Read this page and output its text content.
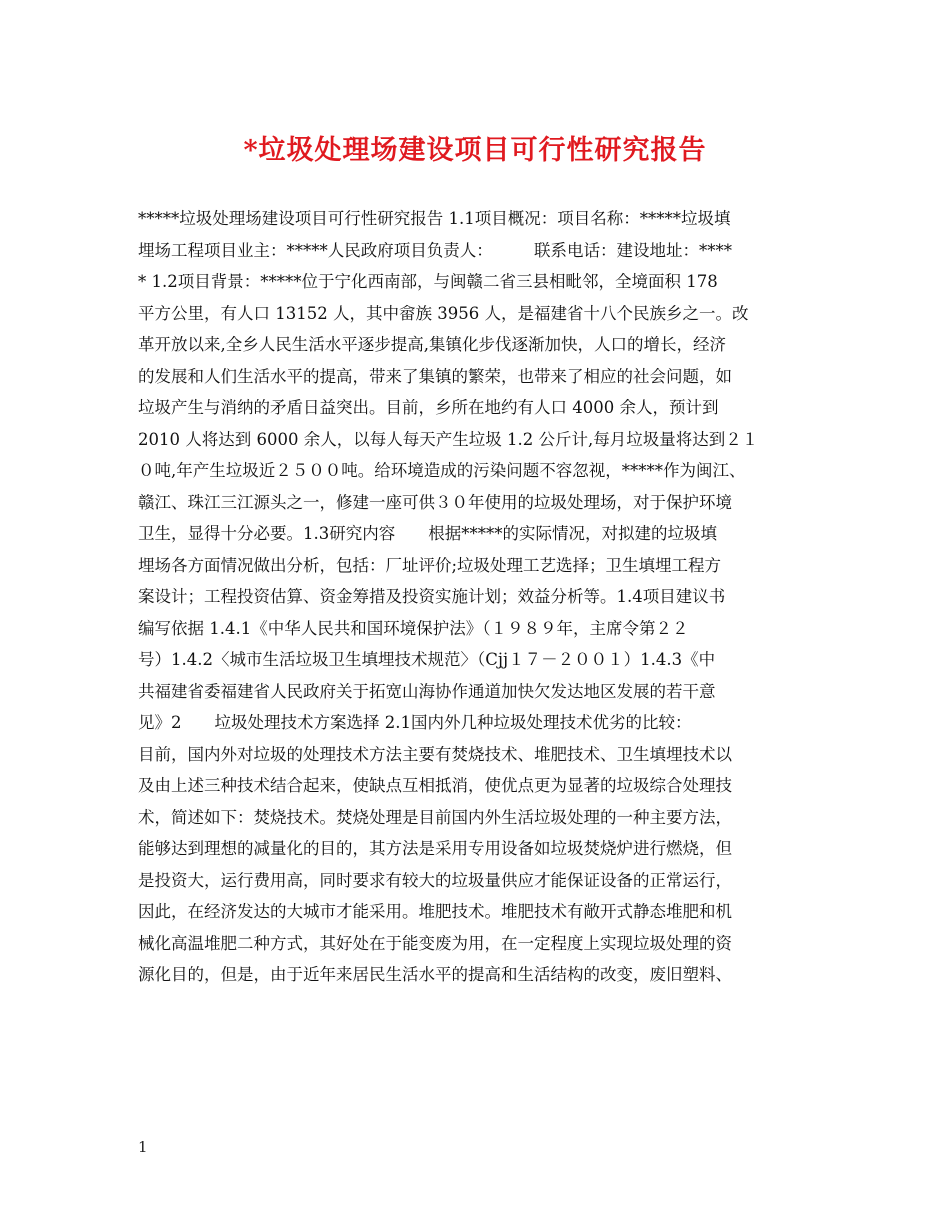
*垃圾处理场建设项目可行性研究报告
*****垃圾处理场建设项目可行性研究报告 1.1项目概况：项目名称：*****垃圾填
埋场工程项目业主：*****人民政府项目负责人：　　　联系电话：建设地址：****
* 1.2项目背景：*****位于宁化西南部，与闽赣二省三县相毗邻，全境面积 178
平方公里，有人口 13152 人，其中畲族 3956 人，是福建省十八个民族乡之一。改
革开放以来,全乡人民生活水平逐步提高,集镇化步伐逐渐加快，人口的增长，经济
的发展和人们生活水平的提高，带来了集镇的繁荣，也带来了相应的社会问题，如
垃圾产生与消纳的矛盾日益突出。目前，乡所在地约有人口 4000 余人，预计到
2010 人将达到 6000 余人，以每人每天产生垃圾 1.2 公斤计,每月垃圾量将达到２１
０吨,年产生垃圾近２５００吨。给环境造成的污染问题不容忽视，*****作为闽江、
赣江、珠江三江源头之一，修建一座可供３０年使用的垃圾处理场，对于保护环境
卫生，显得十分必要。1.3研究内容　　根据*****的实际情况，对拟建的垃圾填
埋场各方面情况做出分析，包括：厂址评价;垃圾处理工艺选择；卫生填埋工程方
案设计；工程投资估算、资金筹措及投资实施计划；效益分析等。1.4项目建议书
编写依据 1.4.1《中华人民共和国环境保护法》（１９８９年，主席令第２２
号）1.4.2〈城市生活垃圾卫生填埋技术规范〉（Cjj１７－２００１）1.4.3《中
共福建省委福建省人民政府关于拓宽山海协作通道加快欠发达地区发展的若干意
见》2　　垃圾处理技术方案选择 2.1国内外几种垃圾处理技术优劣的比较：
目前，国内外对垃圾的处理技术方法主要有焚烧技术、堆肥技术、卫生填埋技术以
及由上述三种技术结合起来，使缺点互相抵消，使优点更为显著的垃圾综合处理技
术，简述如下：焚烧技术。焚烧处理是目前国内外生活垃圾处理的一种主要方法，
能够达到理想的减量化的目的，其方法是采用专用设备如垃圾焚烧炉进行燃烧，但
是投资大，运行费用高，同时要求有较大的垃圾量供应才能保证设备的正常运行，
因此，在经济发达的大城市才能采用。堆肥技术。堆肥技术有敞开式静态堆肥和机
械化高温堆肥二种方式，其好处在于能变废为用，在一定程度上实现垃圾处理的资
源化目的，但是，由于近年来居民生活水平的提高和生活结构的改变，废旧塑料、
1
